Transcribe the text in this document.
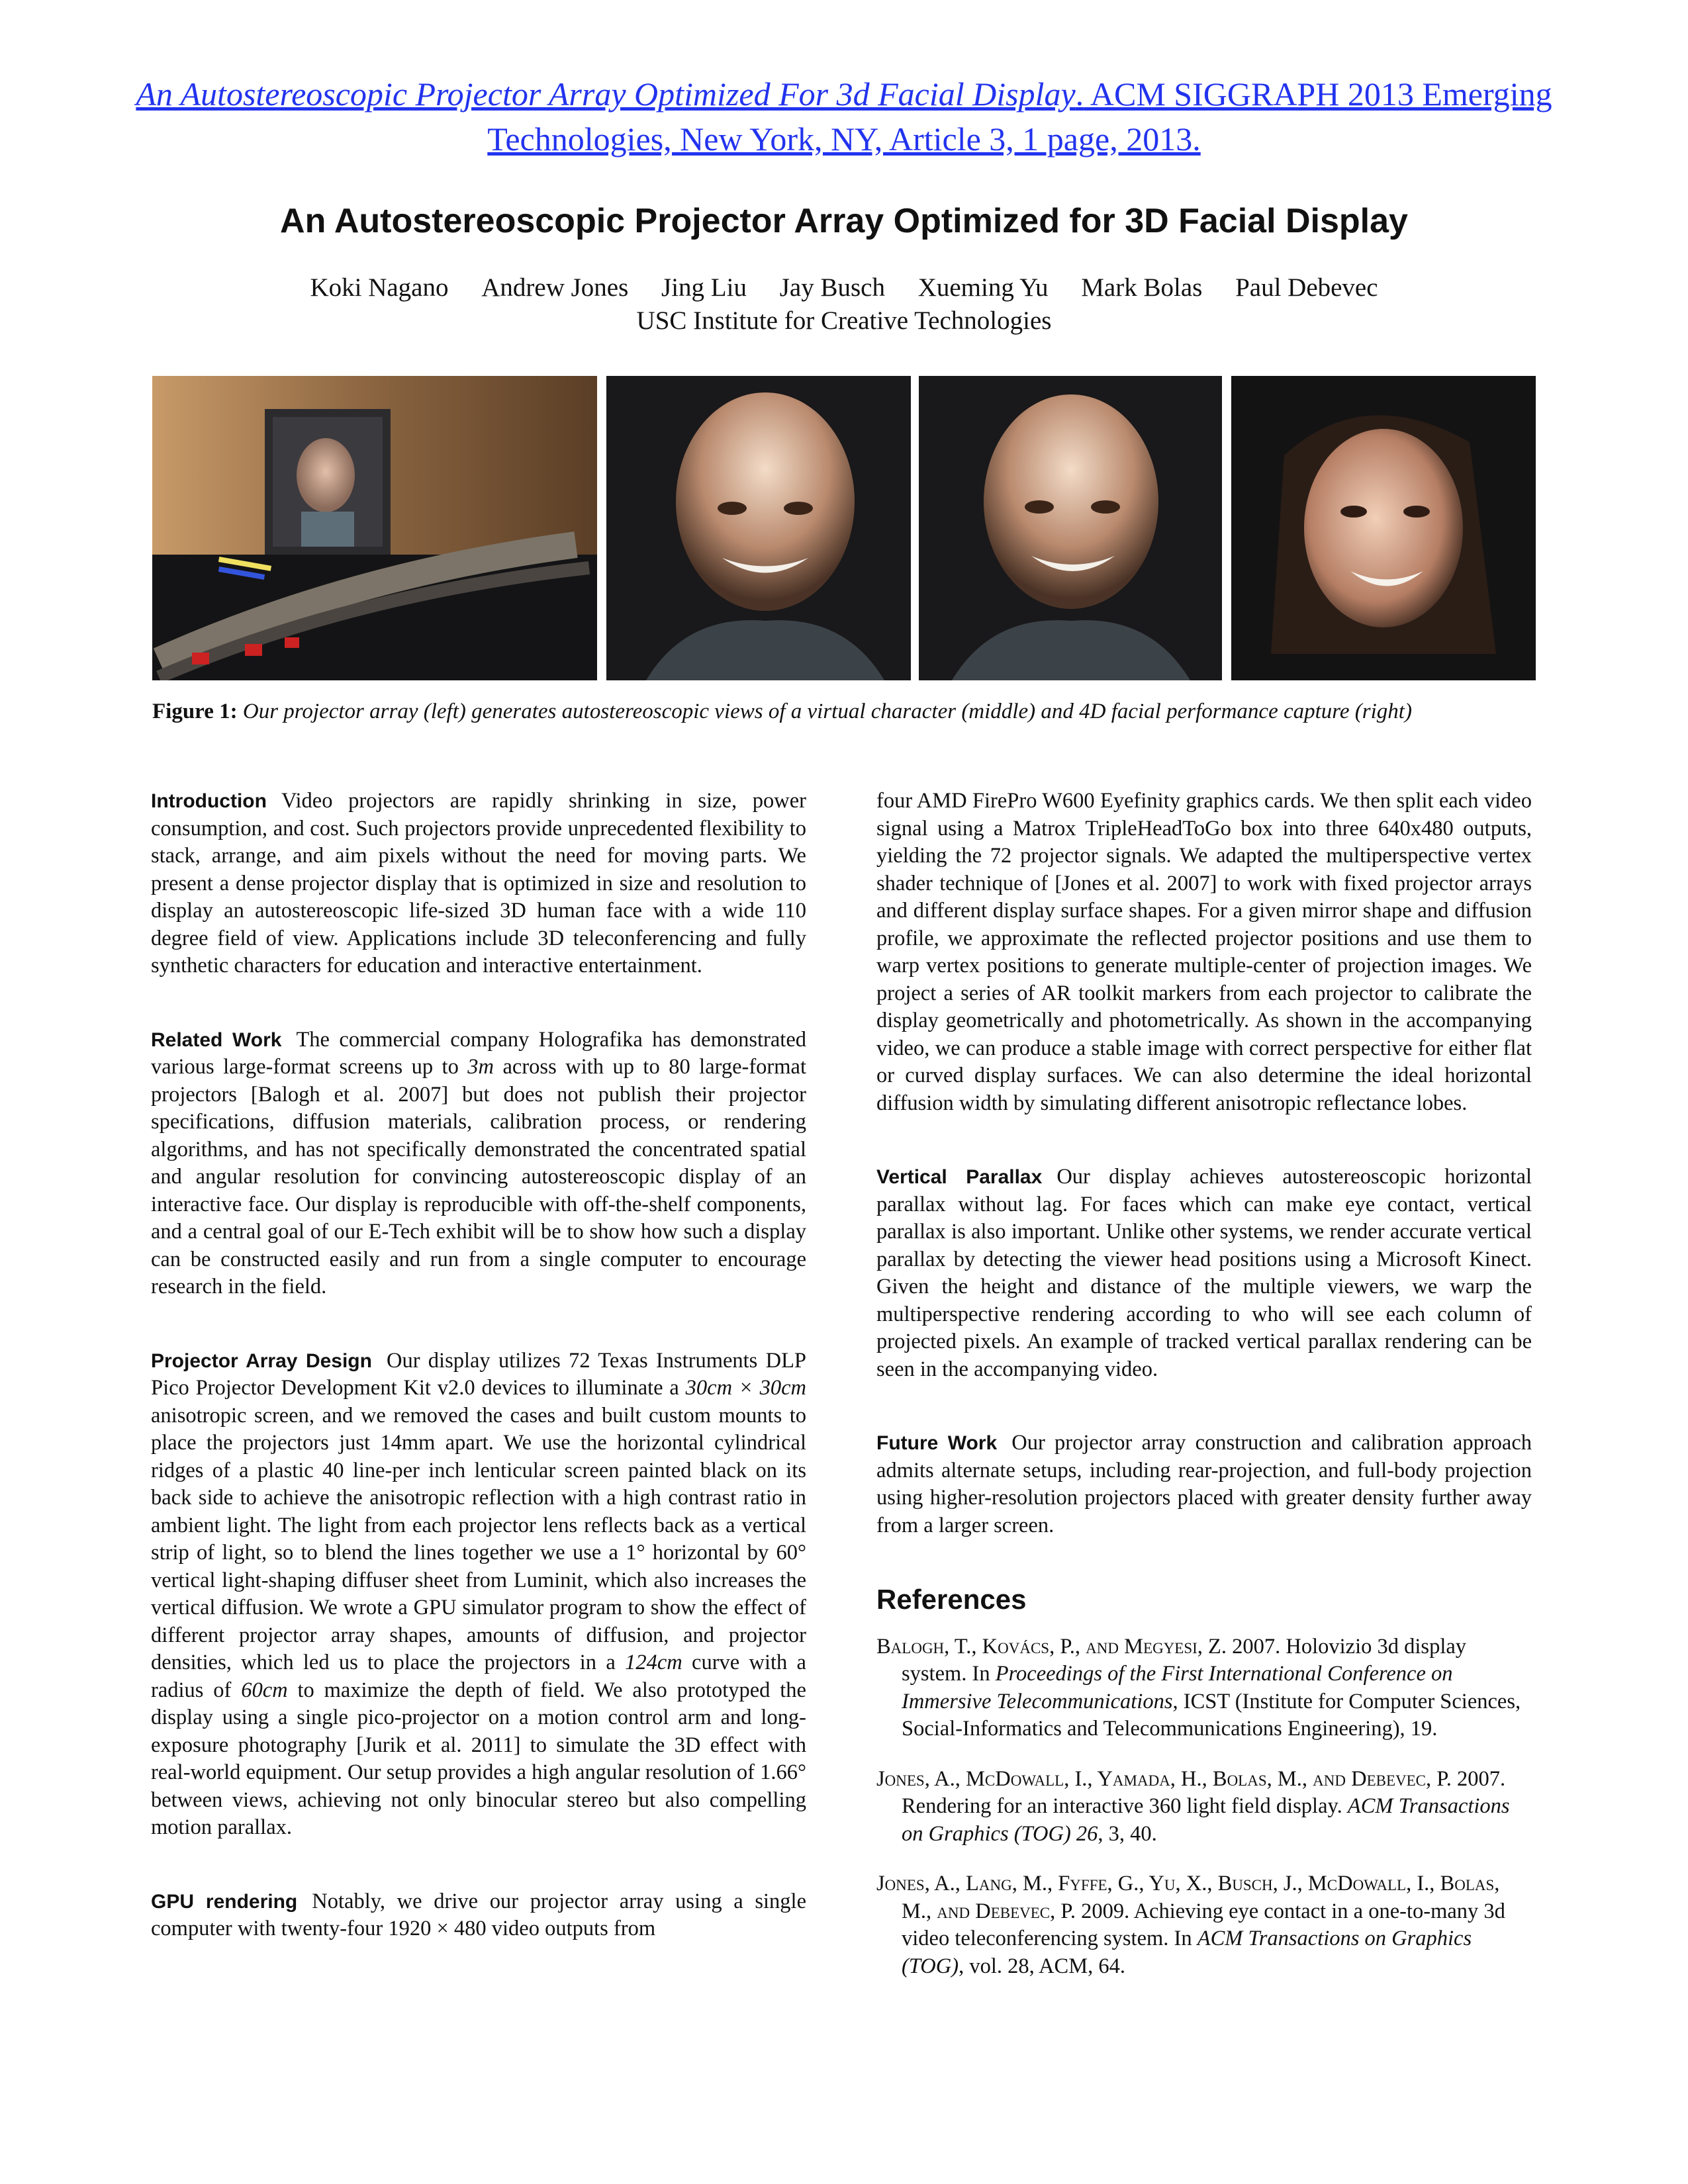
An Autostereoscopic Projector Array Optimized For 3d Facial Display. ACM SIGGRAPH 2013 Emerging Technologies, New York, NY, Article 3, 1 page, 2013.
An Autostereoscopic Projector Array Optimized for 3D Facial Display
Koki Nagano Andrew Jones Jing Liu Jay Busch Xueming Yu Mark Bolas Paul Debevec
USC Institute for Creative Technologies
Figure 1: Our projector array (left) generates autostereoscopic views of a virtual character (middle) and 4D facial performance capture (right)

Introduction Video projectors are rapidly shrinking in size, power consumption, and cost. Such projectors provide unprecedented flexibility to stack, arrange, and aim pixels without the need for moving parts. We present a dense projector display that is optimized in size and resolution to display an autostereoscopic life-sized 3D human face with a wide 110 degree field of view. Applications include 3D teleconferencing and fully synthetic characters for education and interactive entertainment.

Related Work The commercial company Holografika has demonstrated various large-format screens up to 3m across with up to 80 large-format projectors [Balogh et al. 2007] but does not publish their projector specifications, diffusion materials, calibration process, or rendering algorithms, and has not specifically demonstrated the concentrated spatial and angular resolution for convincing autostereoscopic display of an interactive face. Our display is reproducible with off-the-shelf components, and a central goal of our E-Tech exhibit will be to show how such a display can be constructed easily and run from a single computer to encourage research in the field.

Projector Array Design Our display utilizes 72 Texas Instruments DLP Pico Projector Development Kit v2.0 devices to illuminate a 30cm × 30cm anisotropic screen, and we removed the cases and built custom mounts to place the projectors just 14mm apart. We use the horizontal cylindrical ridges of a plastic 40 line-per inch lenticular screen painted black on its back side to achieve the anisotropic reflection with a high contrast ratio in ambient light. The light from each projector lens reflects back as a vertical strip of light, so to blend the lines together we use a 1° horizontal by 60° vertical light-shaping diffuser sheet from Luminit, which also increases the vertical diffusion. We wrote a GPU simulator program to show the effect of different projector array shapes, amounts of diffusion, and projector densities, which led us to place the projectors in a 124cm curve with a radius of 60cm to maximize the depth of field. We also prototyped the display using a single pico-projector on a motion control arm and long-exposure photography [Jurik et al. 2011] to simulate the 3D effect with real-world equipment. Our setup provides a high angular resolution of 1.66° between views, achieving not only binocular stereo but also compelling motion parallax.

GPU rendering Notably, we drive our projector array using a single computer with twenty-four 1920 × 480 video outputs from

four AMD FirePro W600 Eyefinity graphics cards. We then split each video signal using a Matrox TripleHeadToGo box into three 640x480 outputs, yielding the 72 projector signals. We adapted the multiperspective vertex shader technique of [Jones et al. 2007] to work with fixed projector arrays and different display surface shapes. For a given mirror shape and diffusion profile, we approximate the reflected projector positions and use them to warp vertex positions to generate multiple-center of projection images. We project a series of AR toolkit markers from each projector to calibrate the display geometrically and photometrically. As shown in the accompanying video, we can produce a stable image with correct perspective for either flat or curved display surfaces. We can also determine the ideal horizontal diffusion width by simulating different anisotropic reflectance lobes.

Vertical Parallax Our display achieves autostereoscopic horizontal parallax without lag. For faces which can make eye contact, vertical parallax is also important. Unlike other systems, we render accurate vertical parallax by detecting the viewer head positions using a Microsoft Kinect. Given the height and distance of the multiple viewers, we warp the multiperspective rendering according to who will see each column of projected pixels. An example of tracked vertical parallax rendering can be seen in the accompanying video.

Future Work Our projector array construction and calibration approach admits alternate setups, including rear-projection, and full-body projection using higher-resolution projectors placed with greater density further away from a larger screen.

References
Balogh, T., Kovács, P., and Megyesi, Z. 2007. Holovizio 3d display system. In Proceedings of the First International Conference on Immersive Telecommunications, ICST (Institute for Computer Sciences, Social-Informatics and Telecommunications Engineering), 19.
Jones, A., McDowall, I., Yamada, H., Bolas, M., and Debevec, P. 2007. Rendering for an interactive 360 light field display. ACM Transactions on Graphics (TOG) 26, 3, 40.
Jones, A., Lang, M., Fyffe, G., Yu, X., Busch, J., McDowall, I., Bolas, M., and Debevec, P. 2009. Achieving eye contact in a one-to-many 3d video teleconferencing system. In ACM Transactions on Graphics (TOG), vol. 28, ACM, 64.
